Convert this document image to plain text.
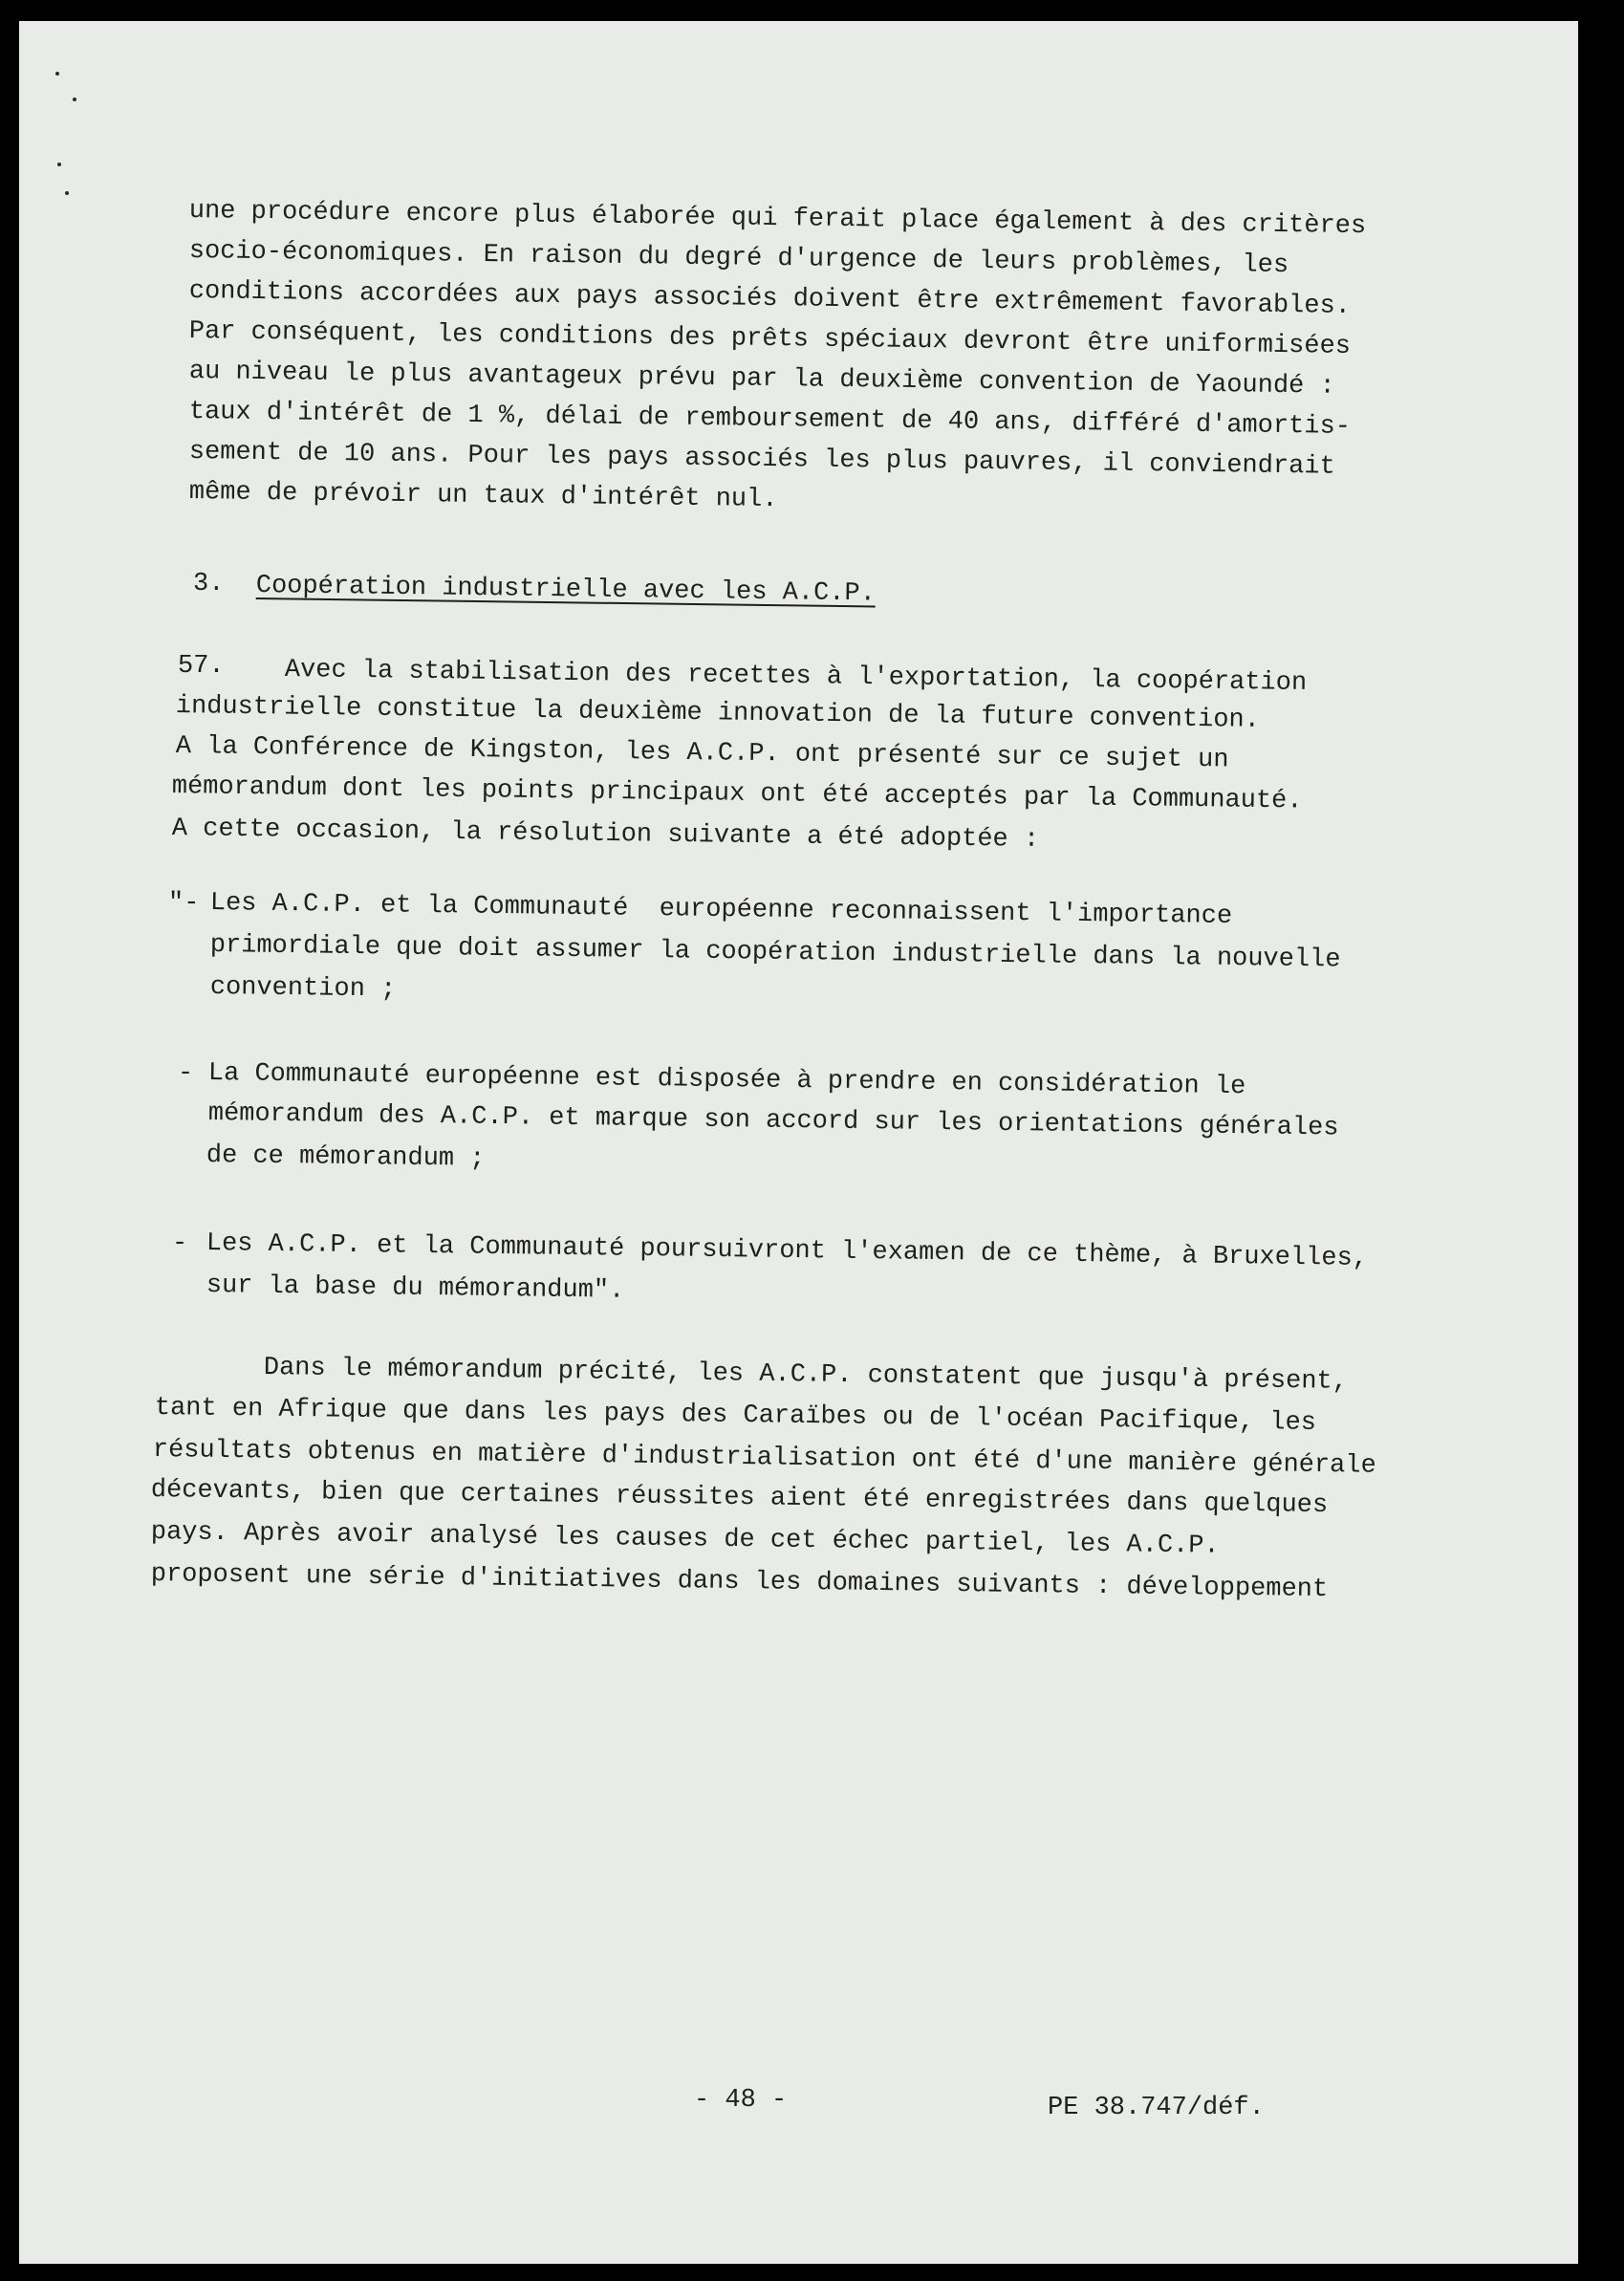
une procédure encore plus élaborée qui ferait place également à des critères
socio-économiques. En raison du degré d'urgence de leurs problèmes, les
conditions accordées aux pays associés doivent être extrêmement favorables.
Par conséquent, les conditions des prêts spéciaux devront être uniformisées
au niveau le plus avantageux prévu par la deuxième convention de Yaoundé :
taux d'intérêt de 1 %, délai de remboursement de 40 ans, différé d'amortis-
sement de 10 ans. Pour les pays associés les plus pauvres, il conviendrait
même de prévoir un taux d'intérêt nul.
3. Coopération industrielle avec les A.C.P.
57. Avec la stabilisation des recettes à l'exportation, la coopération
industrielle constitue la deuxième innovation de la future convention.
A la Conférence de Kingston, les A.C.P. ont présenté sur ce sujet un
mémorandum dont les points principaux ont été acceptés par la Communauté.
A cette occasion, la résolution suivante a été adoptée :
"- Les A.C.P. et la Communauté  européenne reconnaissent l'importance
primordiale que doit assumer la coopération industrielle dans la nouvelle
convention ;
- La Communauté européenne est disposée à prendre en considération le
mémorandum des A.C.P. et marque son accord sur les orientations générales
de ce mémorandum ;
- Les A.C.P. et la Communauté poursuivront l'examen de ce thème, à Bruxelles,
sur la base du mémorandum".
Dans le mémorandum précité, les A.C.P. constatent que jusqu'à présent,
tant en Afrique que dans les pays des Caraïbes ou de l'océan Pacifique, les
résultats obtenus en matière d'industrialisation ont été d'une manière générale
décevants, bien que certaines réussites aient été enregistrées dans quelques
pays. Après avoir analysé les causes de cet échec partiel, les A.C.P.
proposent une série d'initiatives dans les domaines suivants : développement
- 48 -	PE 38.747/déf.
